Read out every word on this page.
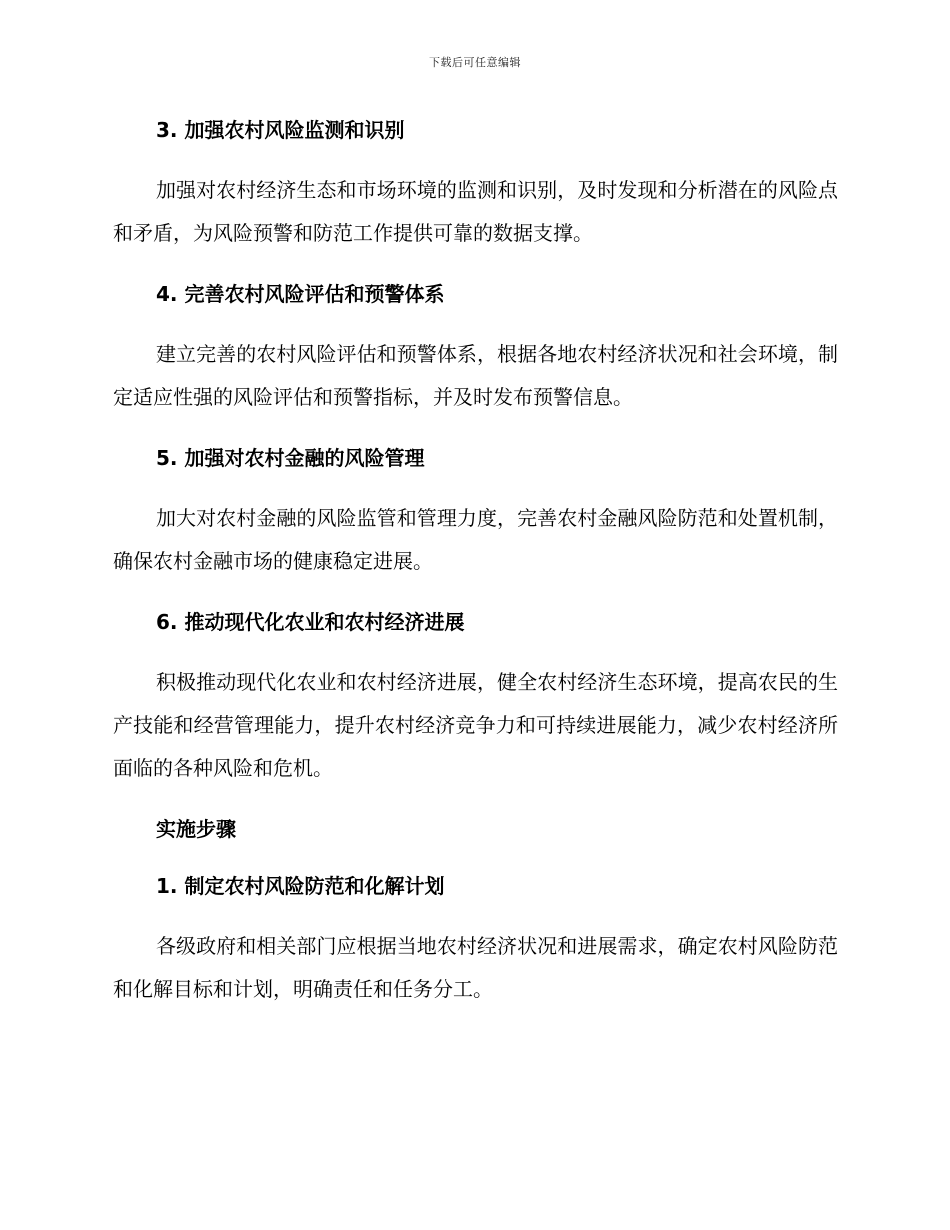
下载后可任意编辑
3. 加强农村风险监测和识别

加强对农村经济生态和市场环境的监测和识别，及时发现和分析潜在的风险点和矛盾，为风险预警和防范工作提供可靠的数据支撑。

4. 完善农村风险评估和预警体系

建立完善的农村风险评估和预警体系，根据各地农村经济状况和社会环境，制定适应性强的风险评估和预警指标，并及时发布预警信息。

5. 加强对农村金融的风险管理

加大对农村金融的风险监管和管理力度，完善农村金融风险防范和处置机制，确保农村金融市场的健康稳定进展。

6. 推动现代化农业和农村经济进展

积极推动现代化农业和农村经济进展，健全农村经济生态环境，提高农民的生产技能和经营管理能力，提升农村经济竞争力和可持续进展能力，减少农村经济所面临的各种风险和危机。

实施步骤
1. 制定农村风险防范和化解计划

各级政府和相关部门应根据当地农村经济状况和进展需求，确定农村风险防范和化解目标和计划，明确责任和任务分工。
